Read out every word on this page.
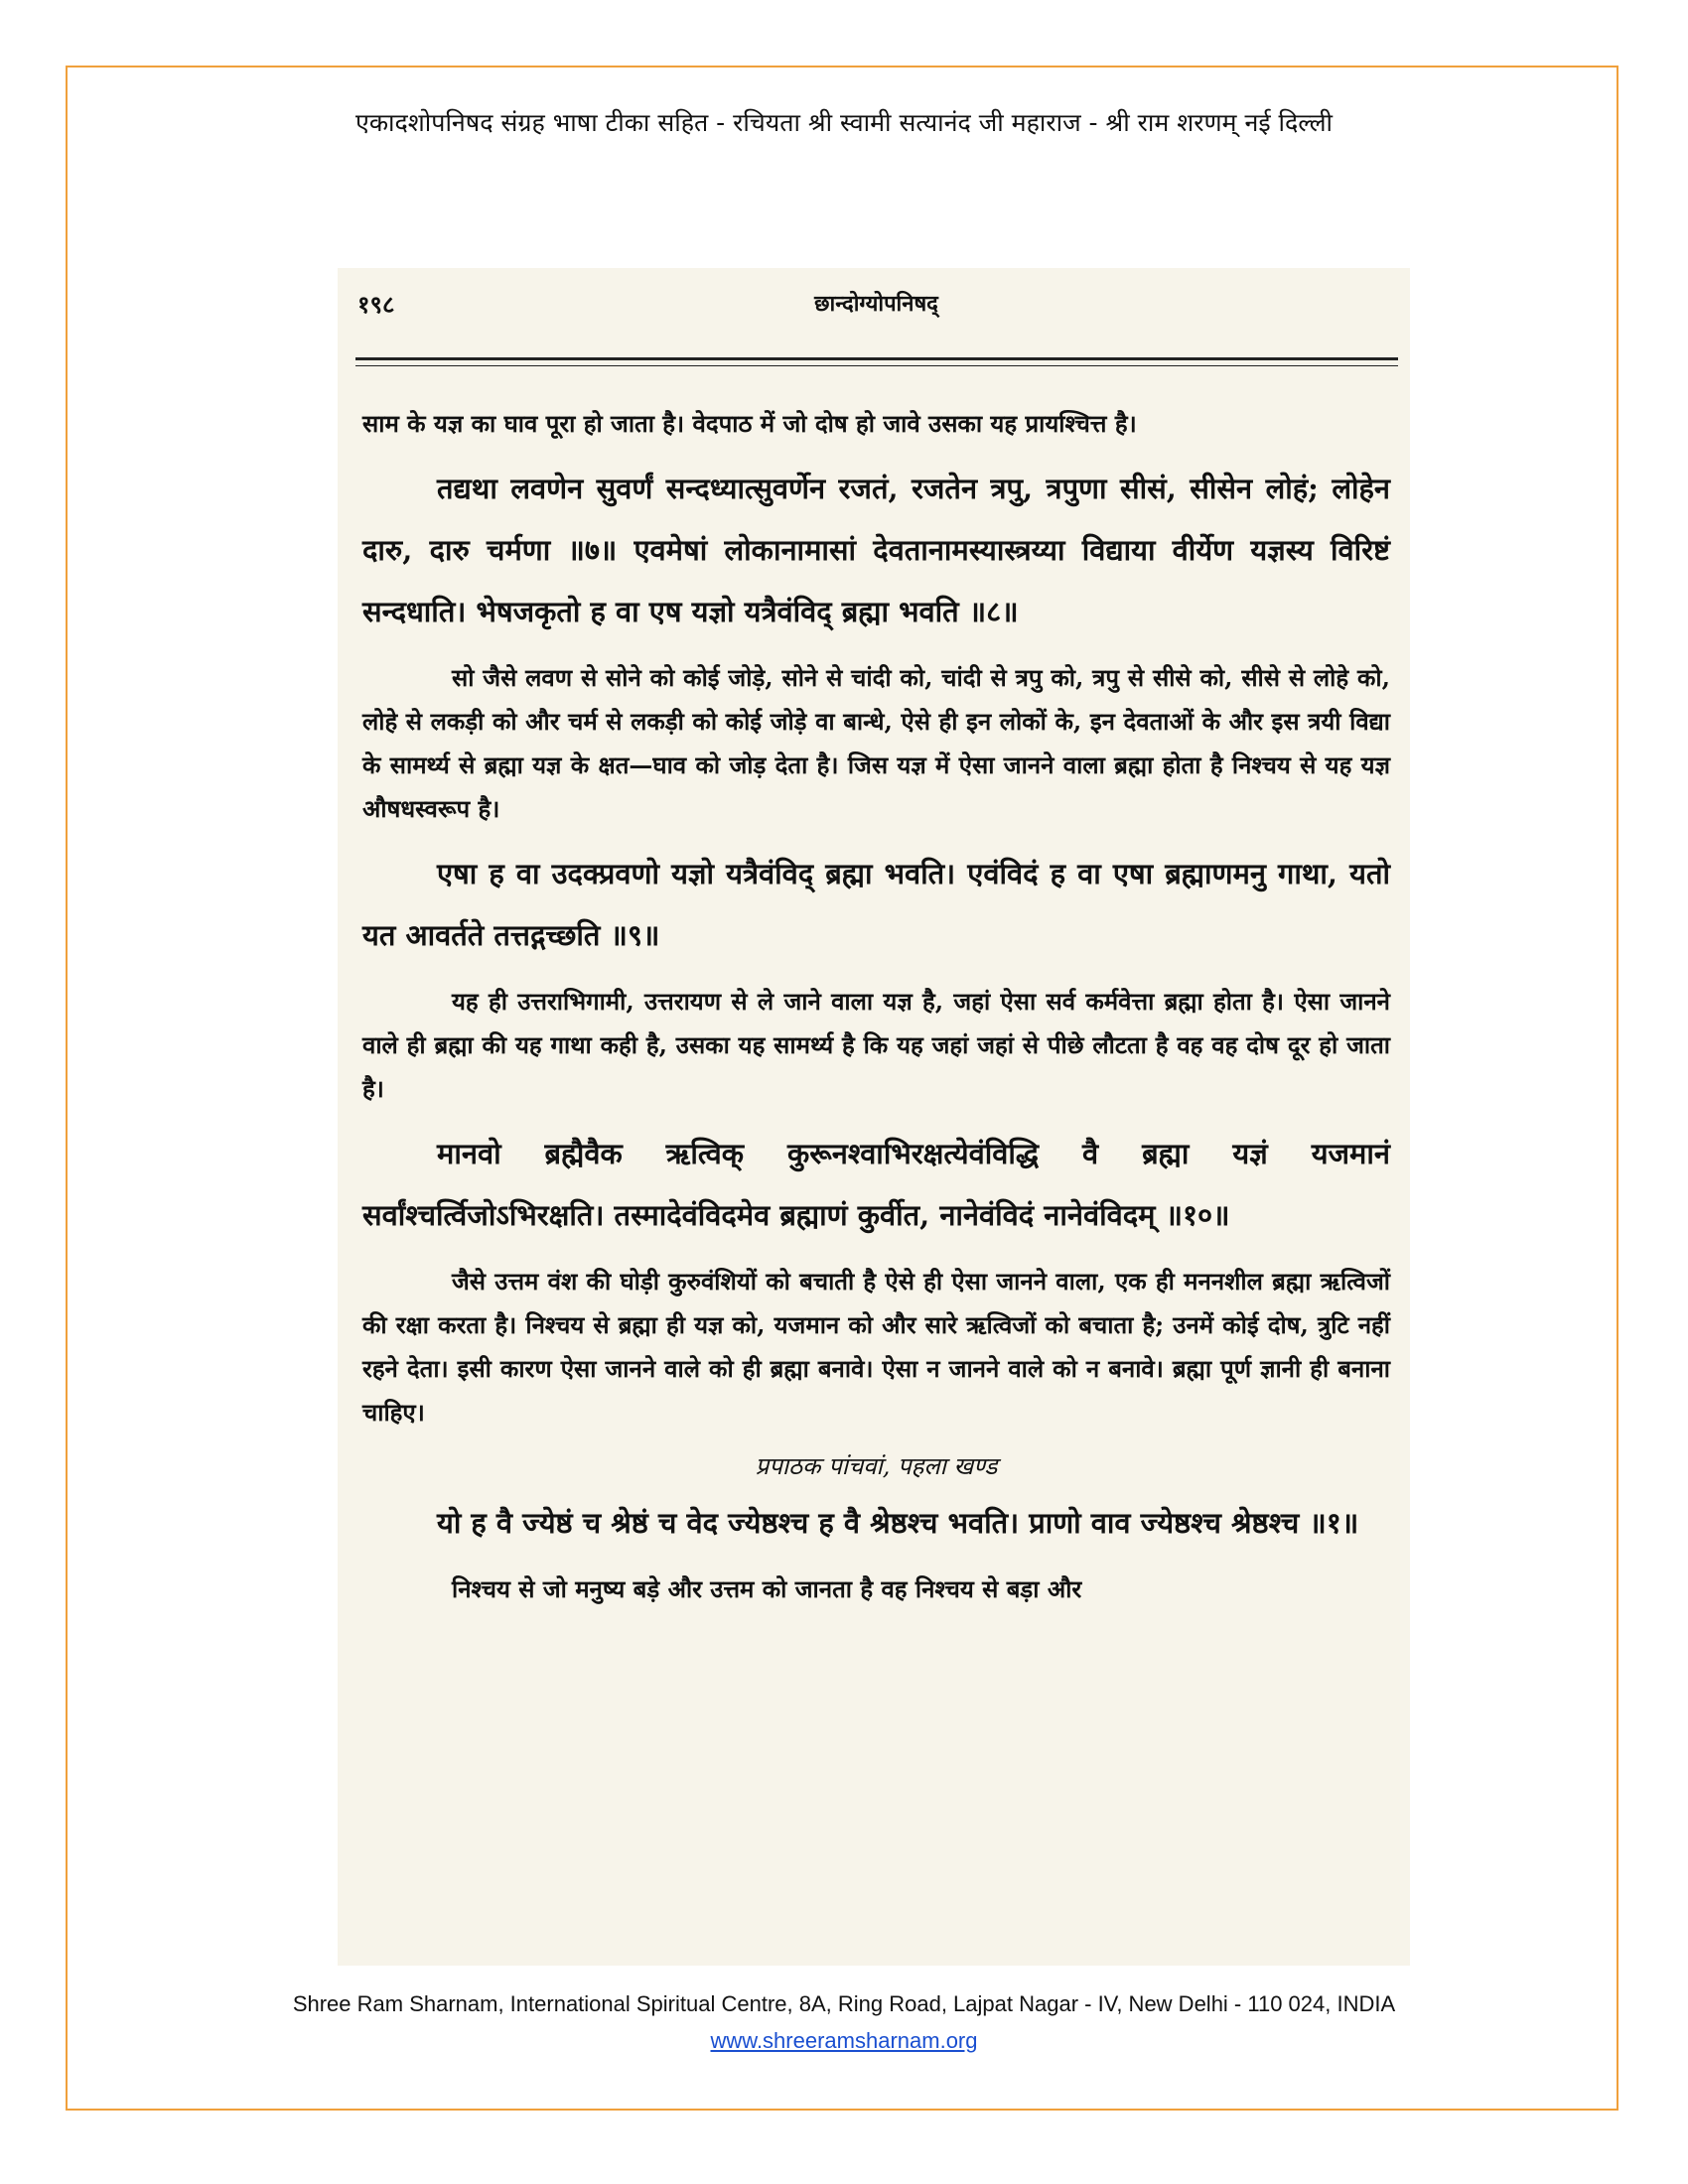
एकादशोपनिषद संग्रह भाषा टीका सहित - रचियता श्री स्वामी सत्यानंद जी महाराज - श्री राम शरणम् नई दिल्ली
१९८	छान्दोग्योपनिषद्

साम के यज्ञ का घाव पूरा हो जाता है। वेदपाठ में जो दोष हो जावे उसका यह प्रायश्चित्त है।

तद्यथा लवणेन सुवर्णं सन्दध्यात्सुवर्णेन रजतं, रजतेन त्रपु, त्रपुणा सीसं, सीसेन लोहं; लोहेन दारु, दारु चर्मणा ॥७॥ एवमेषां लोकानामासां देवतानामस्यास्त्रय्या विद्याया वीर्येण यज्ञस्य विरिष्टं सन्दधाति। भेषजकृतो ह वा एष यज्ञो यत्रैवंविद् ब्रह्मा भवति ॥८॥

सो जैसे लवण से सोने को कोई जोड़े, सोने से चांदी को, चांदी से त्रपु को, त्रपु से सीसे को, सीसे से लोहे को, लोहे से लकड़ी को और चर्म से लकड़ी को कोई जोड़े वा बान्धे, ऐसे ही इन लोकों के, इन देवताओं के और इस त्रयी विद्या के सामर्थ्य से ब्रह्मा यज्ञ के क्षत—घाव को जोड़ देता है। जिस यज्ञ में ऐसा जानने वाला ब्रह्मा होता है निश्चय से यह यज्ञ औषधस्वरूप है।

एषा ह वा उदक्प्रवणो यज्ञो यत्रैवंविद् ब्रह्मा भवति। एवंविदं ह वा एषा ब्रह्माणमनु गाथा, यतो यत आवर्तते तत्तद्गच्छति ॥९॥

यह ही उत्तराभिगामी, उत्तरायण से ले जाने वाला यज्ञ है, जहां ऐसा सर्व कर्मवेत्ता ब्रह्मा होता है। ऐसा जानने वाले ही ब्रह्मा की यह गाथा कही है, उसका यह सामर्थ्य है कि यह जहां जहां से पीछे लौटता है वह वह दोष दूर हो जाता है।

मानवो ब्रह्मैवैक ऋत्विक् कुरूनश्वाभिरक्षत्येवंविद्धि वै ब्रह्मा यज्ञं यजमानं सर्वांश्चर्त्विजोऽभिरक्षति। तस्मादेवंविदमेव ब्रह्माणं कुर्वीत, नानेवंविदं नानेवंविदम् ॥१०॥

जैसे उत्तम वंश की घोड़ी कुरुवंशियों को बचाती है ऐसे ही ऐसा जानने वाला, एक ही मननशील ब्रह्मा ऋत्विजों की रक्षा करता है। निश्चय से ब्रह्मा ही यज्ञ को, यजमान को और सारे ऋत्विजों को बचाता है; उनमें कोई दोष, त्रुटि नहीं रहने देता। इसी कारण ऐसा जानने वाले को ही ब्रह्मा बनावे। ऐसा न जानने वाले को न बनावे। ब्रह्मा पूर्ण ज्ञानी ही बनाना चाहिए।

प्रपाठक पांचवां, पहला खण्ड

यो ह वै ज्येष्ठं च श्रेष्ठं च वेद ज्येष्ठश्च ह वै श्रेष्ठश्च भवति। प्राणो वाव ज्येष्ठश्च श्रेष्ठश्च ॥१॥

निश्चय से जो मनुष्य बड़े और उत्तम को जानता है वह निश्चय से बड़ा और

Shree Ram Sharnam, International Spiritual Centre, 8A, Ring Road, Lajpat Nagar - IV, New Delhi - 110 024, INDIA
www.shreeramsharnam.org
